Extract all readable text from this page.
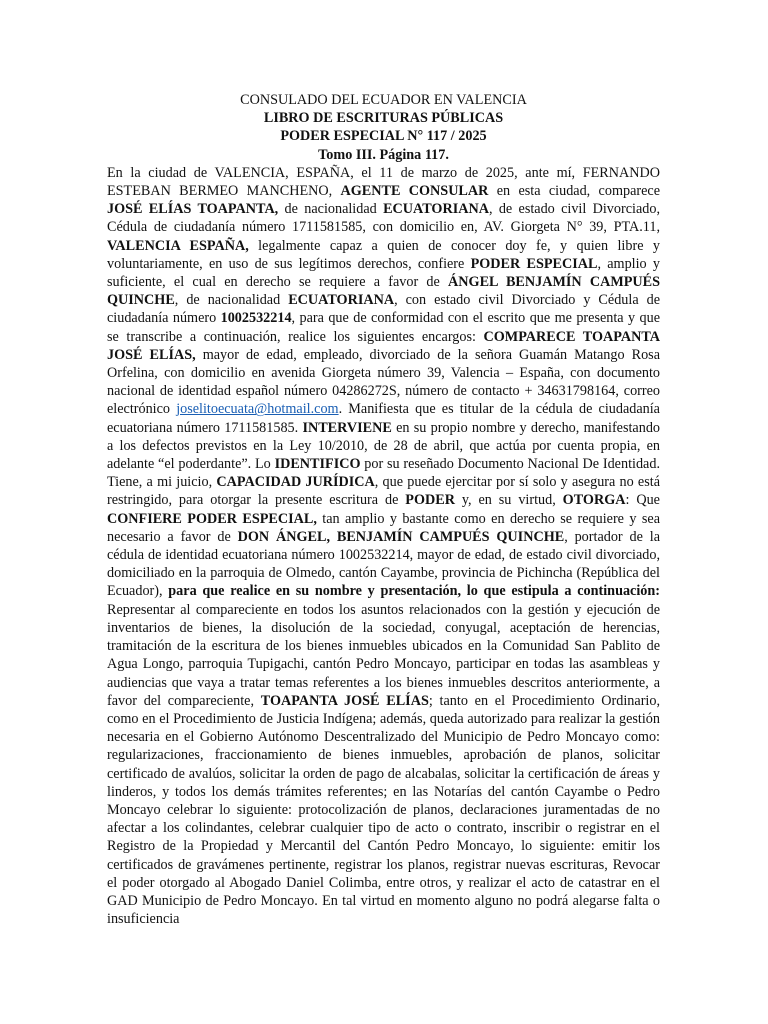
CONSULADO DEL ECUADOR EN VALENCIA

LIBRO DE ESCRITURAS PÚBLICAS

PODER ESPECIAL N° 117 / 2025

Tomo III. Página 117.

En la ciudad de VALENCIA, ESPAÑA, el 11 de marzo de 2025, ante mí, FERNANDO ESTEBAN BERMEO MANCHENO, AGENTE CONSULAR en esta ciudad, comparece JOSÉ ELÍAS TOAPANTA, de nacionalidad ECUATORIANA, de estado civil Divorciado, Cédula de ciudadanía número 1711581585, con domicilio en, AV. Giorgeta N° 39, PTA.11, VALENCIA ESPAÑA, legalmente capaz a quien de conocer doy fe, y quien libre y voluntariamente, en uso de sus legítimos derechos, confiere PODER ESPECIAL, amplio y suficiente, el cual en derecho se requiere a favor de ÁNGEL BENJAMÍN CAMPUÉS QUINCHE, de nacionalidad ECUATORIANA, con estado civil Divorciado y Cédula de ciudadanía número 1002532214, para que de conformidad con el escrito que me presenta y que se transcribe a continuación, realice los siguientes encargos: COMPARECE TOAPANTA JOSÉ ELÍAS, mayor de edad, empleado, divorciado de la señora Guamán Matango Rosa Orfelina, con domicilio en avenida Giorgeta número 39, Valencia – España, con documento nacional de identidad español número 04286272S, número de contacto + 34631798164, correo electrónico joselitoecuata@hotmail.com. Manifiesta que es titular de la cédula de ciudadanía ecuatoriana número 1711581585. INTERVIENE en su propio nombre y derecho, manifestando a los defectos previstos en la Ley 10/2010, de 28 de abril, que actúa por cuenta propia, en adelante “el poderdante”. Lo IDENTIFICO por su reseñado Documento Nacional De Identidad. Tiene, a mi juicio, CAPACIDAD JURÍDICA, que puede ejercitar por sí solo y asegura no está restringido, para otorgar la presente escritura de PODER y, en su virtud, OTORGA: Que CONFIERE PODER ESPECIAL, tan amplio y bastante como en derecho se requiere y sea necesario a favor de DON ÁNGEL, BENJAMÍN CAMPUÉS QUINCHE, portador de la cédula de identidad ecuatoriana número 1002532214, mayor de edad, de estado civil divorciado, domiciliado en la parroquia de Olmedo, cantón Cayambe, provincia de Pichincha (República del Ecuador), para que realice en su nombre y presentación, lo que estipula a continuación: Representar al compareciente en todos los asuntos relacionados con la gestión y ejecución de inventarios de bienes, la disolución de la sociedad, conyugal, aceptación de herencias, tramitación de la escritura de los bienes inmuebles ubicados en la Comunidad San Pablito de Agua Longo, parroquia Tupigachi, cantón Pedro Moncayo, participar en todas las asambleas y audiencias que vaya a tratar temas referentes a los bienes inmuebles descritos anteriormente, a favor del compareciente, TOAPANTA JOSÉ ELÍAS; tanto en el Procedimiento Ordinario, como en el Procedimiento de Justicia Indígena; además, queda autorizado para realizar la gestión necesaria en el Gobierno Autónomo Descentralizado del Municipio de Pedro Moncayo como: regularizaciones, fraccionamiento de bienes inmuebles, aprobación de planos, solicitar certificado de avalúos, solicitar la orden de pago de alcabalas, solicitar la certificación de áreas y linderos, y todos los demás trámites referentes; en las Notarías del cantón Cayambe o Pedro Moncayo celebrar lo siguiente: protocolización de planos, declaraciones juramentadas de no afectar a los colindantes, celebrar cualquier tipo de acto o contrato, inscribir o registrar en el Registro de la Propiedad y Mercantil del Cantón Pedro Moncayo, lo siguiente: emitir los certificados de gravámenes pertinente, registrar los planos, registrar nuevas escrituras, Revocar el poder otorgado al Abogado Daniel Colimba, entre otros, y realizar el acto de catastrar en el GAD Municipio de Pedro Moncayo. En tal virtud en momento alguno no podrá alegarse falta o insuficiencia
